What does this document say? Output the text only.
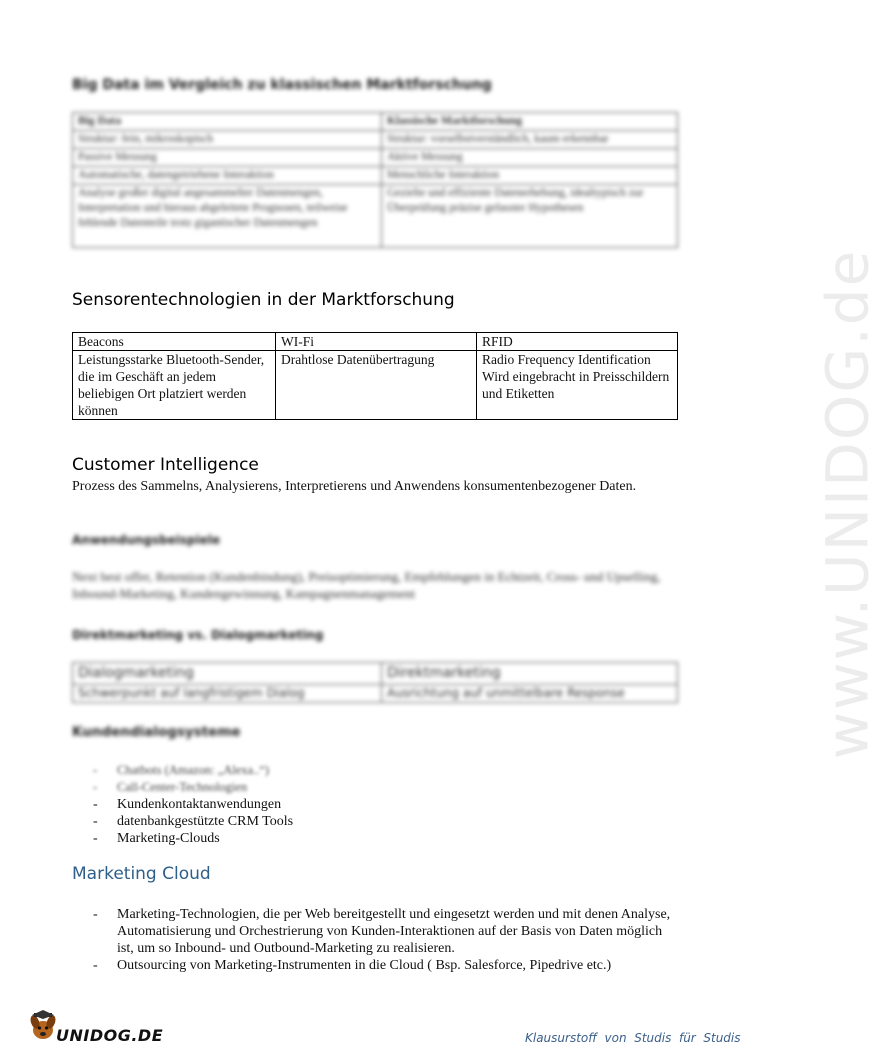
www.UNIDOG.de
Big Data im Vergleich zu klassischen Marktforschung
Big Data	Klassische Marktforschung
Struktur: fein, mikroskopisch	Struktur: vorselbstverständlich, kaum erkennbar
Passive Messung	Aktive Messung
Automatische, datengetriebene Interaktion	Menschliche Interaktion
Analyse großer digital angesammelter Datenmengen, Interpretation und hieraus abgeleitete Prognosen, teilweise fehlende Datenteile trotz gigantischer Datenmengen	Gezielte und effiziente Datenerhebung, idealtypisch zur Überprüfung präzise gefasster Hypothesen
Sensorentechnologien in der Marktforschung
Beacons	WI-Fi	RFID
Leistungsstarke Bluetooth-Sender, die im Geschäft an jedem beliebigen Ort platziert werden können	Drahtlose Datenübertragung	Radio Frequency Identification
Wird eingebracht in Preisschildern und Etiketten
Customer Intelligence
Prozess des Sammelns, Analysierens, Interpretierens und Anwendens konsumentenbezogener Daten.
Anwendungsbeispiele
Next best offer, Retention (Kundenbindung), Preisoptimierung, Empfehlungen in Echtzeit, Cross- und Upselling, Inbound-Marketing, Kundengewinnung, Kampagnenmanagement
Direktmarketing vs. Dialogmarketing
Dialogmarketing	Direktmarketing
Schwerpunkt auf langfristigem Dialog	Ausrichtung auf unmittelbare Response
Kundendialogsysteme
- Chatbots (Amazon: „Alexa..“)
- Call-Center-Technologien
- Kundenkontaktanwendungen
- datenbankgestützte CRM Tools
- Marketing-Clouds
Marketing Cloud
- Marketing-Technologien, die per Web bereitgestellt und eingesetzt werden und mit denen Analyse, Automatisierung und Orchestrierung von Kunden-Interaktionen auf der Basis von Daten möglich ist, um so Inbound- und Outbound-Marketing zu realisieren.
- Outsourcing von Marketing-Instrumenten in die Cloud ( Bsp. Salesforce, Pipedrive etc.)
UNIDOG.DE	Klausurstoff  von  Studis  für  Studis
